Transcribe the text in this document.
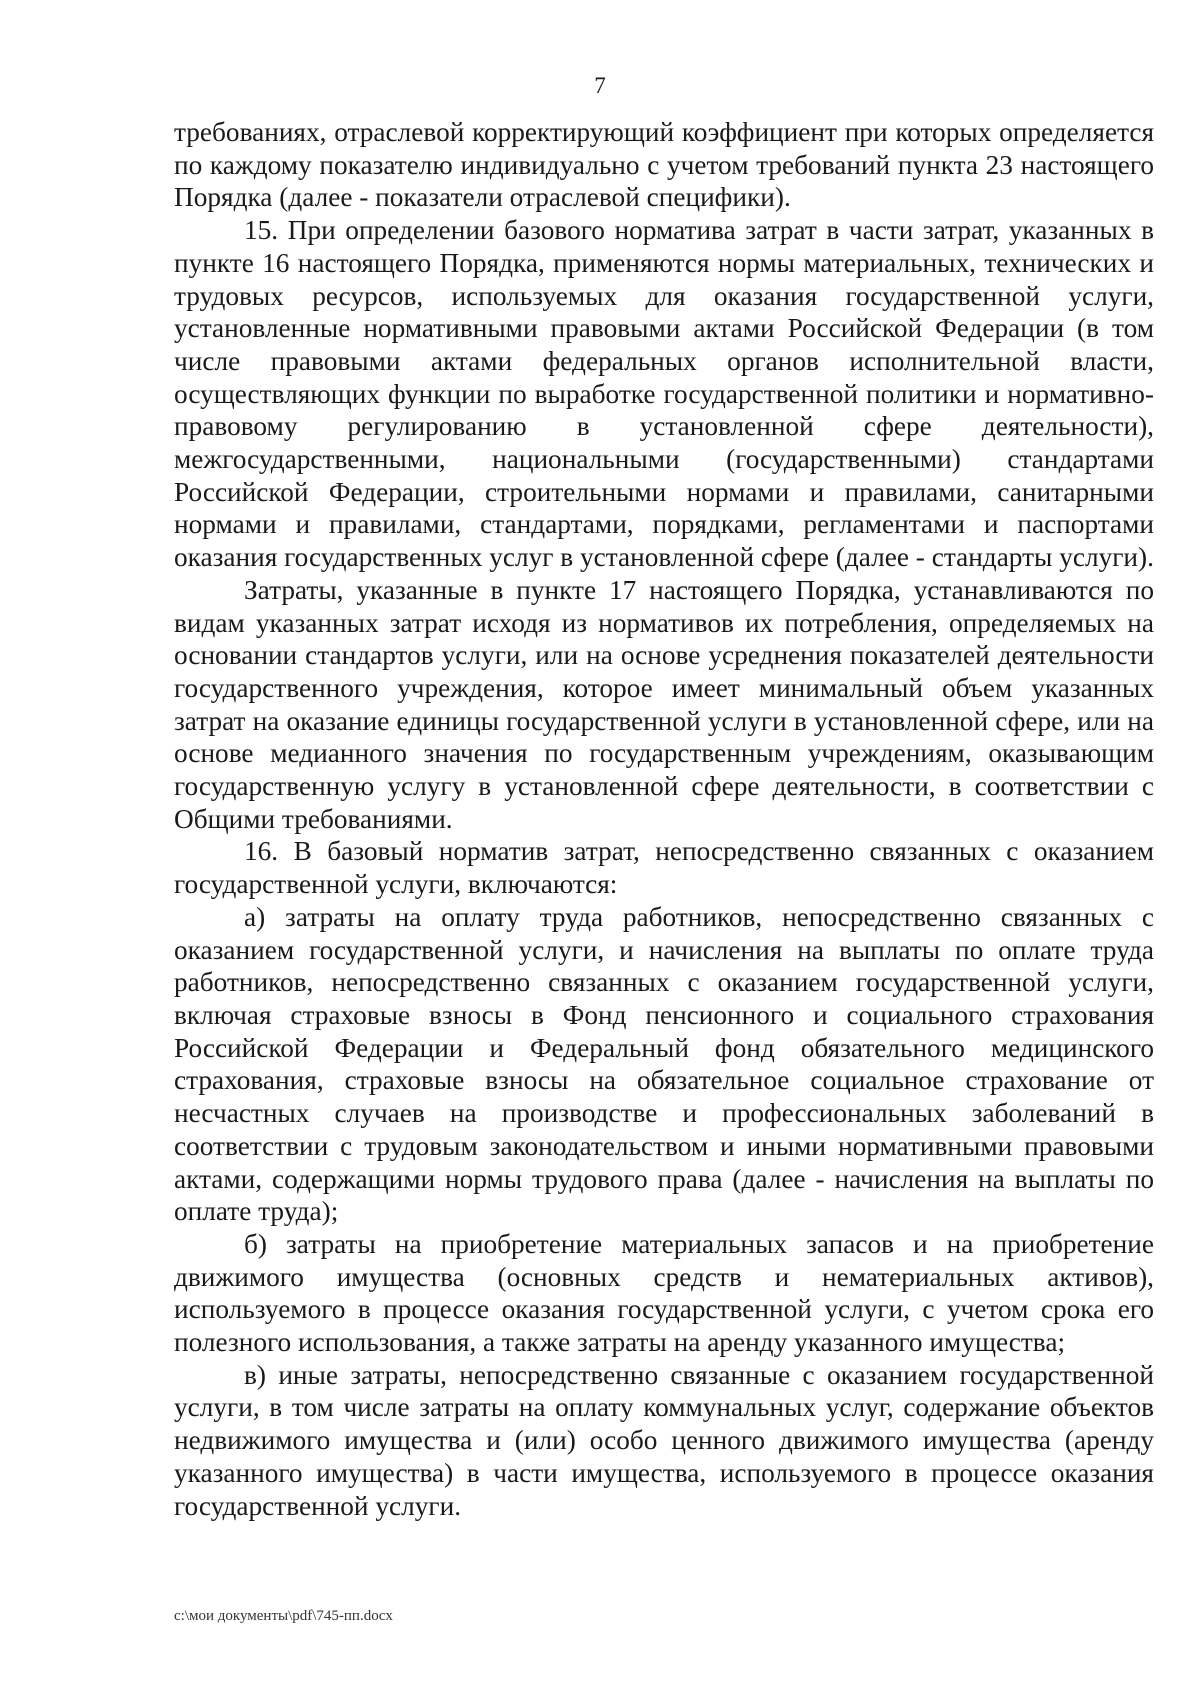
7

требованиях, отраслевой корректирующий коэффициент при которых определяется по каждому показателю индивидуально с учетом требований пункта 23 настоящего Порядка (далее - показатели отраслевой специфики).

15. При определении базового норматива затрат в части затрат, указанных в пункте 16 настоящего Порядка, применяются нормы материальных, технических и трудовых ресурсов, используемых для оказания государственной услуги, установленные нормативными правовыми актами Российской Федерации (в том числе правовыми актами федеральных органов исполнительной власти, осуществляющих функции по выработке государственной политики и нормативно-правовому регулированию в установленной сфере деятельности), межгосударственными, национальными (государственными) стандартами Российской Федерации, строительными нормами и правилами, санитарными нормами и правилами, стандартами, порядками, регламентами и паспортами оказания государственных услуг в установленной сфере (далее - стандарты услуги).

Затраты, указанные в пункте 17 настоящего Порядка, устанавливаются по видам указанных затрат исходя из нормативов их потребления, определяемых на основании стандартов услуги, или на основе усреднения показателей деятельности государственного учреждения, которое имеет минимальный объем указанных затрат на оказание единицы государственной услуги в установленной сфере, или на основе медианного значения по государственным учреждениям, оказывающим государственную услугу в установленной сфере деятельности, в соответствии с Общими требованиями.

16. В базовый норматив затрат, непосредственно связанных с оказанием государственной услуги, включаются:

а) затраты на оплату труда работников, непосредственно связанных с оказанием государственной услуги, и начисления на выплаты по оплате труда работников, непосредственно связанных с оказанием государственной услуги, включая страховые взносы в Фонд пенсионного и социального страхования Российской Федерации и Федеральный фонд обязательного медицинского страхования, страховые взносы на обязательное социальное страхование от несчастных случаев на производстве и профессиональных заболеваний в соответствии с трудовым законодательством и иными нормативными правовыми актами, содержащими нормы трудового права (далее - начисления на выплаты по оплате труда);

б) затраты на приобретение материальных запасов и на приобретение движимого имущества (основных средств и нематериальных активов), используемого в процессе оказания государственной услуги, с учетом срока его полезного использования, а также затраты на аренду указанного имущества;

в) иные затраты, непосредственно связанные с оказанием государственной услуги, в том числе затраты на оплату коммунальных услуг, содержание объектов недвижимого имущества и (или) особо ценного движимого имущества (аренду указанного имущества) в части имущества, используемого в процессе оказания государственной услуги.

c:\мои документы\pdf\745-пп.docx
